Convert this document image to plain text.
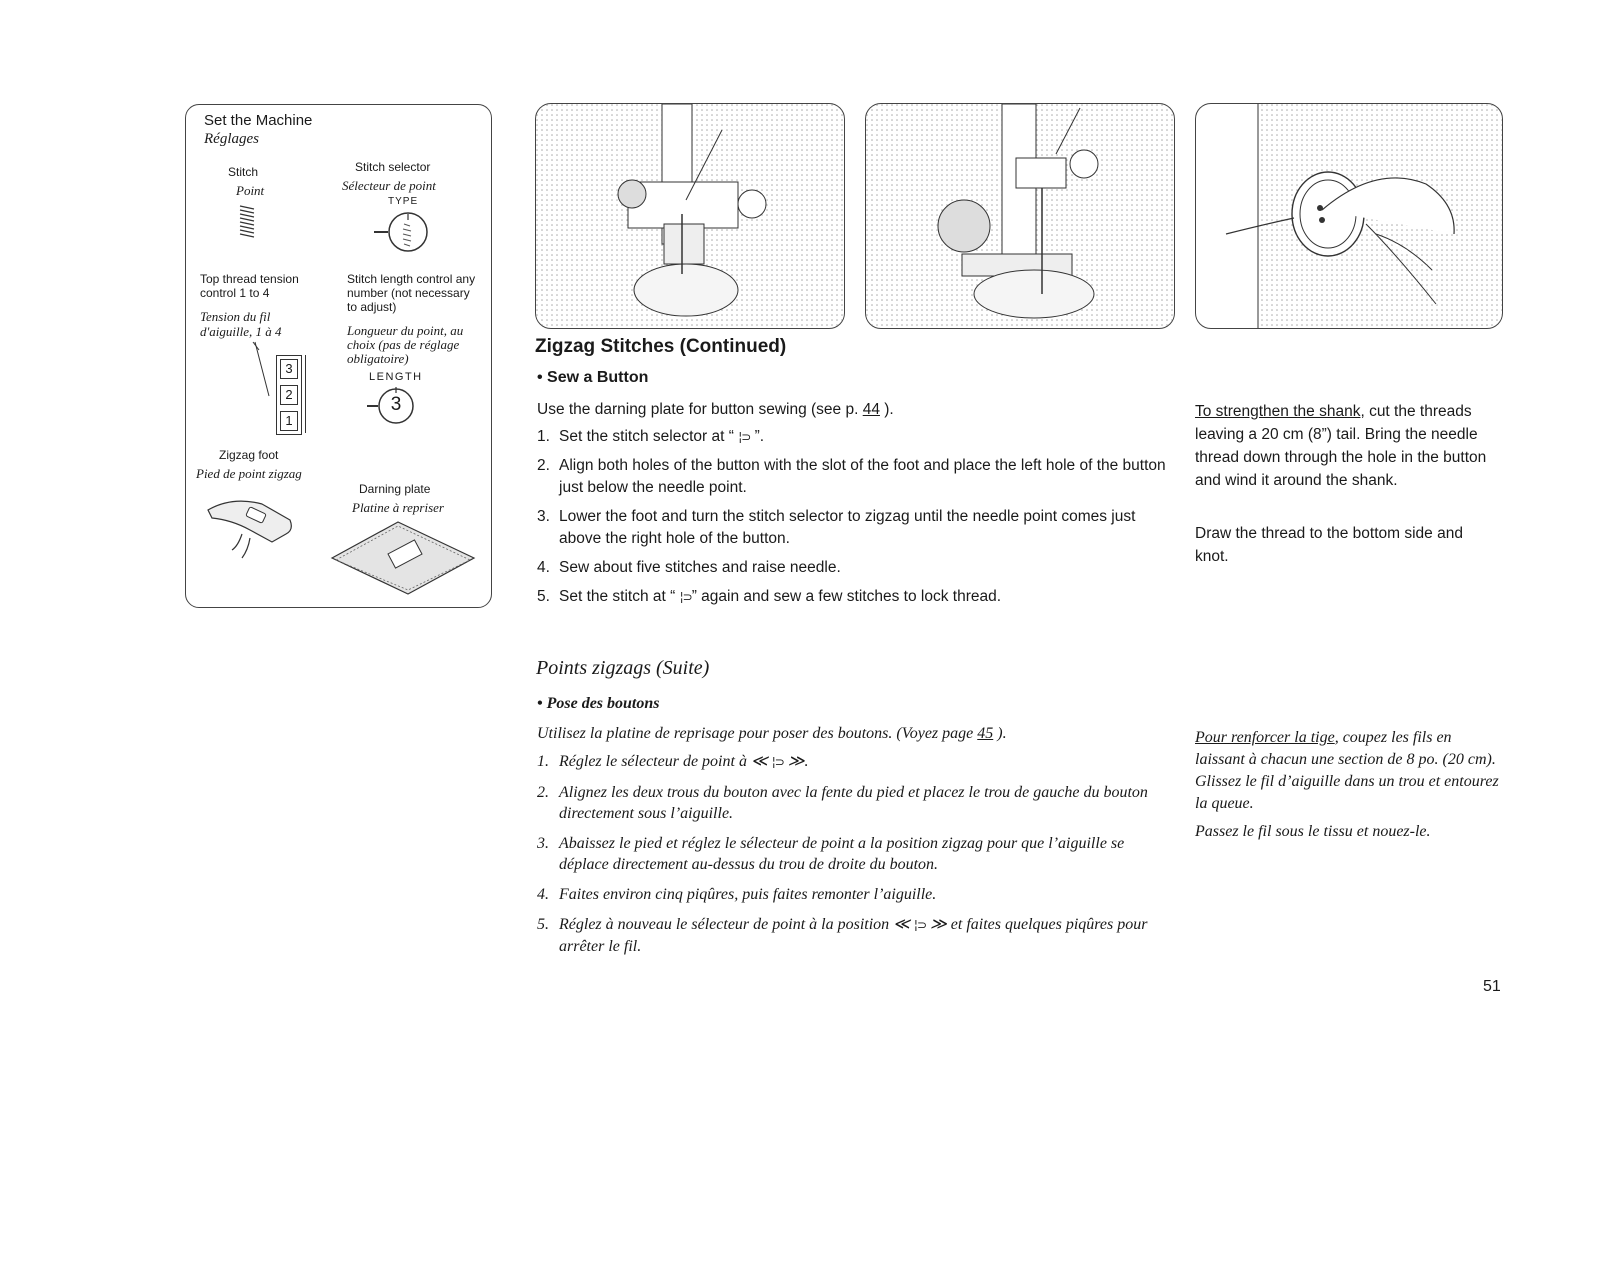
Set the Machine
Réglages
Stitch
Point
Stitch selector
Sélecteur de point
TYPE
Top thread tension control 1 to 4
Tension du fil d'aiguille, 1 à 4
3
2
1
Stitch length control any number (not necessary to adjust)
Longueur du point, au choix (pas de réglage obligatoire)
LENGTH
3
Zigzag foot
Pied de point zigzag
Darning plate
Platine à repriser
Zigzag Stitches (Continued)
• Sew a Button
Use the darning plate for button sewing (see p. 44 ).
1. Set the stitch selector at “ ¦⊃ ”.
2. Align both holes of the button with the slot of the foot and place the left hole of the button just below the needle point.
3. Lower the foot and turn the stitch selector to zigzag until the needle point comes just above the right hole of the button.
4. Sew about five stitches and raise needle.
5. Set the stitch at “ ¦⊃” again and sew a few stitches to lock thread.
To strengthen the shank, cut the threads leaving a 20 cm (8”) tail. Bring the needle thread down through the hole in the button and wind it around the shank.
Draw the thread to the bottom side and knot.
Points zigzags (Suite)
• Pose des boutons
Utilisez la platine de reprisage pour poser des boutons. (Voyez page 45 ).
1. Réglez le sélecteur de point à ≪ ¦⊃ ≫.
2. Alignez les deux trous du bouton avec la fente du pied et placez le trou de gauche du bouton directement sous l’aiguille.
3. Abaissez le pied et réglez le sélecteur de point a la position zigzag pour que l’aiguille se déplace directement au-dessus du trou de droite du bouton.
4. Faites environ cinq piqûres, puis faites remonter l’aiguille.
5. Réglez à nouveau le sélecteur de point à la position ≪ ¦⊃ ≫ et faites quelques piqûres pour arrêter le fil.
Pour renforcer la tige, coupez les fils en laissant à chacun une section de 8 po. (20 cm). Glissez le fil d’aiguille dans un trou et entourez la queue.
Passez le fil sous le tissu et nouez-le.
51
